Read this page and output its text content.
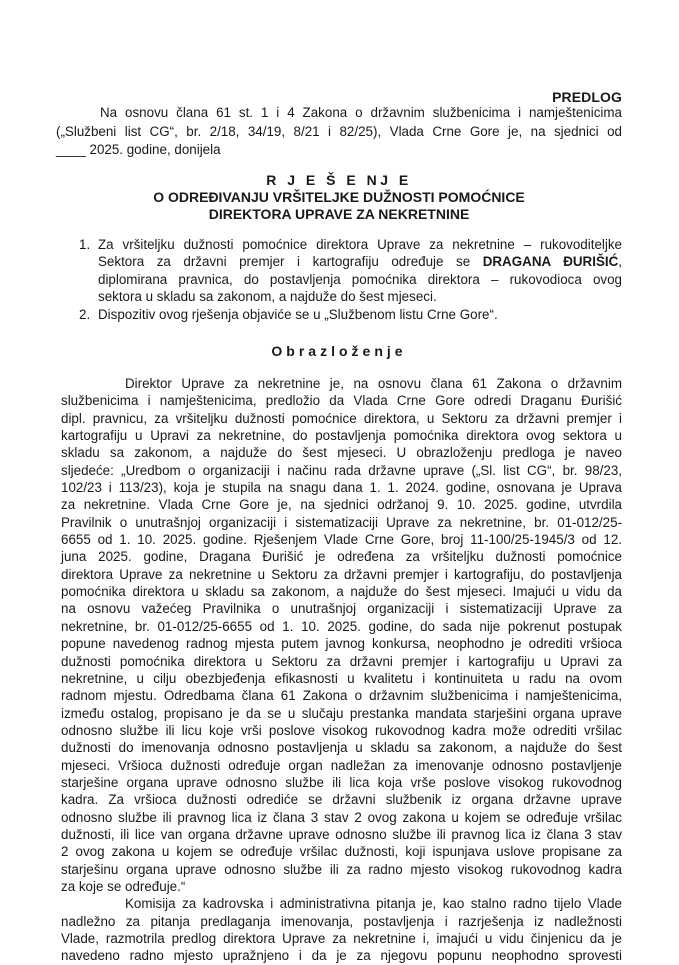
PREDLOG
Na osnovu člana 61 st. 1 i 4 Zakona o državnim službenicima i namještenicima
(„Službeni list CG“, br. 2/18, 34/19, 8/21 i 82/25), Vlada Crne Gore je, na sjednici od
____ 2025. godine, donijela
R J E Š E NJ E
O ODREĐIVANJU VRŠITELJKE DUŽNOSTI POMOĆNICE
DIREKTORA UPRAVE ZA NEKRETNINE
1. Za vršiteljku dužnosti pomoćnice direktora Uprave za nekretnine – rukovoditeljke
Sektora za državni premjer i kartografiju određuje se DRAGANA ĐURIŠIĆ,
diplomirana pravnica, do postavljenja pomoćnika direktora – rukovodioca ovog
sektora u skladu sa zakonom, a najduže do šest mjeseci.
2. Dispozitiv ovog rješenja objaviće se u „Službenom listu Crne Gore“.
Obrazloženje
Direktor Uprave za nekretnine je, na osnovu člana 61 Zakona o državnim
službenicima i namještenicima, predložio da Vlada Crne Gore odredi Draganu Đurišić
dipl. pravnicu, za vršiteljku dužnosti pomoćnice direktora, u Sektoru za državni premjer i
kartografiju u Upravi za nekretnine, do postavljenja pomoćnika direktora ovog sektora u
skladu sa zakonom, a najduže do šest mjeseci. U obrazloženju predloga je naveo
sljedeće: „Uredbom o organizaciji i načinu rada državne uprave („Sl. list CG“, br. 98/23,
102/23 i 113/23), koja je stupila na snagu dana 1. 1. 2024. godine, osnovana je Uprava
za nekretnine. Vlada Crne Gore je, na sjednici održanoj 9. 10. 2025. godine, utvrdila
Pravilnik o unutrašnjoj organizaciji i sistematizaciji Uprave za nekretnine, br. 01-012/25-
6655 od 1. 10. 2025. godine. Rješenjem Vlade Crne Gore, broj 11-100/25-1945/3 od 12.
juna 2025. godine, Dragana Đurišić je određena za vršiteljku dužnosti pomoćnice
direktora Uprave za nekretnine u Sektoru za državni premjer i kartografiju, do postavljenja
pomoćnika direktora u skladu sa zakonom, a najduže do šest mjeseci. Imajući u vidu da
na osnovu važećeg Pravilnika o unutrašnjoj organizaciji i sistematizaciji Uprave za
nekretnine, br. 01-012/25-6655 od 1. 10. 2025. godine, do sada nije pokrenut postupak
popune navedenog radnog mjesta putem javnog konkursa, neophodno je odrediti vršioca
dužnosti pomoćnika direktora u Sektoru za državni premjer i kartografiju u Upravi za
nekretnine, u cilju obezbjeđenja efikasnosti u kvalitetu i kontinuiteta u radu na ovom
radnom mjestu. Odredbama člana 61 Zakona o državnim službenicima i namještenicima,
između ostalog, propisano je da se u slučaju prestanka mandata starješini organa uprave
odnosno službe ili licu koje vrši poslove visokog rukovodnog kadra može odrediti vršilac
dužnosti do imenovanja odnosno postavljenja u skladu sa zakonom, a najduže do šest
mjeseci. Vršioca dužnosti određuje organ nadležan za imenovanje odnosno postavljenje
starješine organa uprave odnosno službe ili lica koja vrše poslove visokog rukovodnog
kadra. Za vršioca dužnosti odrediće se državni službenik iz organa državne uprave
odnosno službe ili pravnog lica iz člana 3 stav 2 ovog zakona u kojem se određuje vršilac
dužnosti, ili lice van organa državne uprave odnosno službe ili pravnog lica iz člana 3 stav
2 ovog zakona u kojem se određuje vršilac dužnosti, koji ispunjava uslove propisane za
starješinu organa uprave odnosno službe ili za radno mjesto visokog rukovodnog kadra
za koje se određuje.“
Komisija za kadrovska i administrativna pitanja je, kao stalno radno tijelo Vlade
nadležno za pitanja predlaganja imenovanja, postavljenja i razrješenja iz nadležnosti
Vlade, razmotrila predlog direktora Uprave za nekretnine i, imajući u vidu činjenicu da je
navedeno radno mjesto upražnjeno i da je za njegovu popunu neophodno sprovesti
